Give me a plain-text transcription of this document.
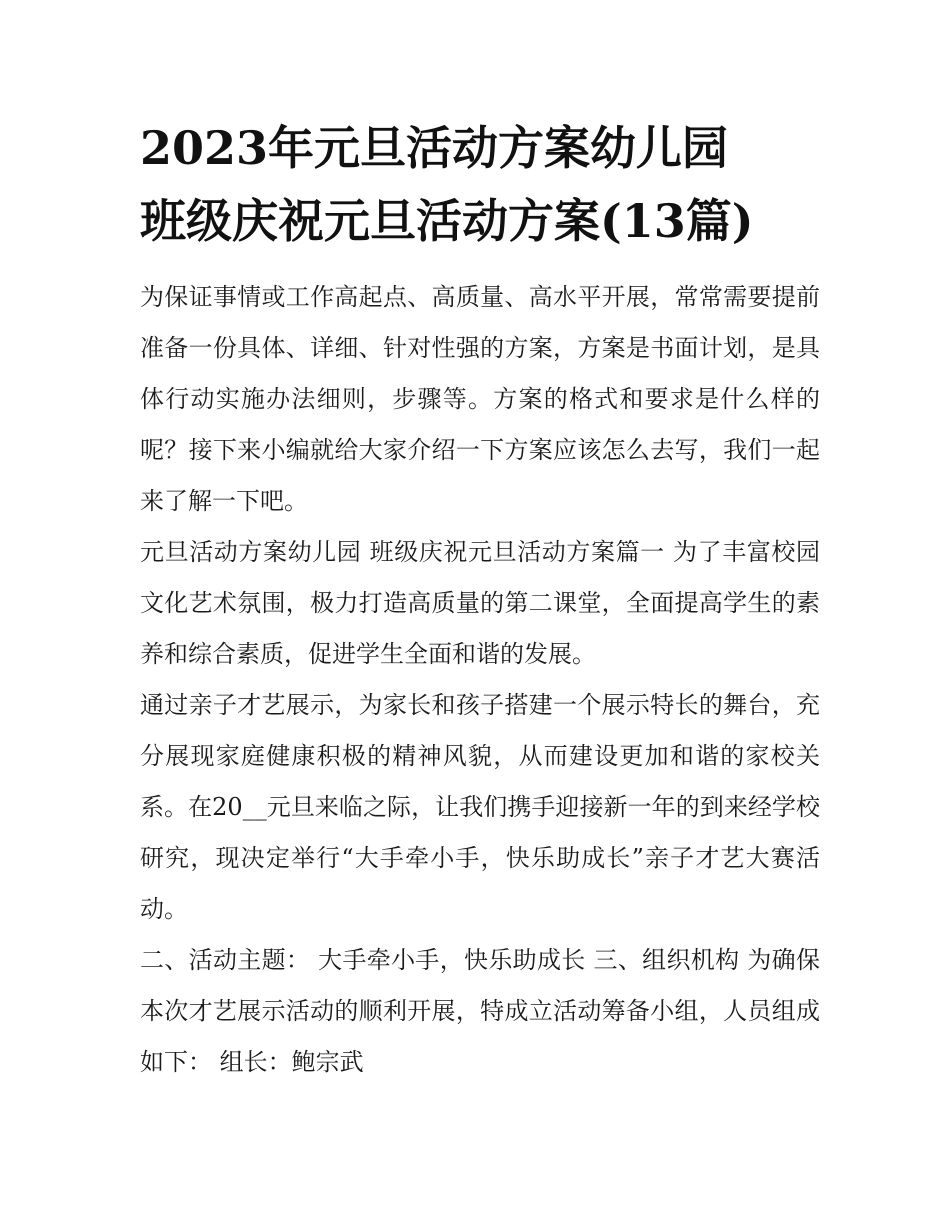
2023年元旦活动方案幼儿园
班级庆祝元旦活动方案(13篇)

为保证事情或工作高起点、高质量、高水平开展，常常需要提前准备一份具体、详细、针对性强的方案，方案是书面计划，是具体行动实施办法细则，步骤等。方案的格式和要求是什么样的呢？接下来小编就给大家介绍一下方案应该怎么去写，我们一起来了解一下吧。

元旦活动方案幼儿园 班级庆祝元旦活动方案篇一 为了丰富校园文化艺术氛围，极力打造高质量的第二课堂，全面提高学生的素养和综合素质，促进学生全面和谐的发展。

通过亲子才艺展示，为家长和孩子搭建一个展示特长的舞台，充分展现家庭健康积极的精神风貌，从而建设更加和谐的家校关系。在20__元旦来临之际，让我们携手迎接新一年的到来经学校研究，现决定举行“大手牵小手，快乐助成长”亲子才艺大赛活动。

二、活动主题： 大手牵小手，快乐助成长 三、组织机构 为确保本次才艺展示活动的顺利开展，特成立活动筹备小组，人员组成如下： 组长：鲍宗武
